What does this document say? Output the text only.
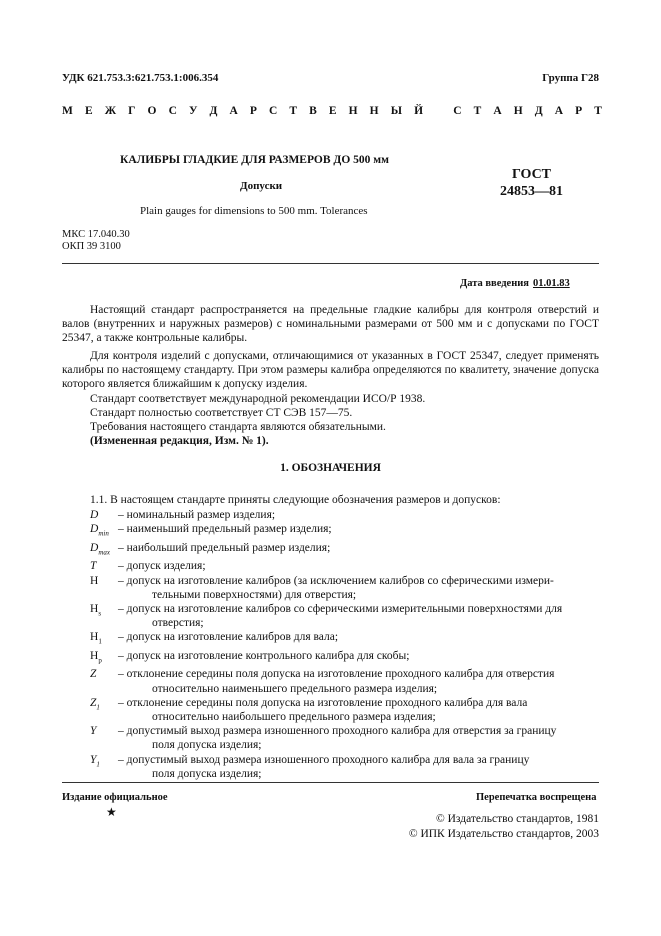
УДК 621.753.3:621.753.1:006.354	Группа Г28
М Е Ж Г О С У Д А Р С Т В Е Н Н Ы Й	С Т А Н Д А Р Т
КАЛИБРЫ ГЛАДКИЕ ДЛЯ РАЗМЕРОВ ДО 500 мм
Допуски
Plain gauges for dimensions to 500 mm. Tolerances
ГОСТ
24853—81
МКС 17.040.30
ОКП 39 3100
Дата введения 01.01.83

Настоящий стандарт распространяется на предельные гладкие калибры для контроля отверстий и валов (внутренних и наружных размеров) с номинальными размерами от 500 мм и с допусками по ГОСТ 25347, а также контрольные калибры.

Для контроля изделий с допусками, отличающимися от указанных в ГОСТ 25347, следует применять калибры по настоящему стандарту. При этом размеры калибра определяются по квалитету, значение допуска которого является ближайшим к допуску изделия.

Стандарт соответствует международной рекомендации ИСО/Р 1938.
Стандарт полностью соответствует СТ СЭВ 157—75.
Требования настоящего стандарта являются обязательными.
(Измененная редакция, Изм. № 1).
1. ОБОЗНАЧЕНИЯ
1.1. В настоящем стандарте приняты следующие обозначения размеров и допусков:
D	– номинальный размер изделия;
$D_{min}$ – наименьший предельный размер изделия;
$D_{max}$ – наибольший предельный размер изделия;
T	– допуск изделия;
H	– допуск на изготовление калибров (за исключением калибров со сферическими измери-
тельными поверхностями) для отверстия;
$H_s$	– допуск на изготовление калибров со сферическими измерительными поверхностями для
отверстия;
$H_1$	– допуск на изготовление калибров для вала;
$H_p$	– допуск на изготовление контрольного калибра для скобы;
Z	– отклонение середины поля допуска на изготовление проходного калибра для отверстия
относительно наименьшего предельного размера изделия;
$Z_1$	– отклонение середины поля допуска на изготовление проходного калибра для вала
относительно наибольшего предельного размера изделия;
Y	– допустимый выход размера изношенного проходного калибра для отверстия за границу
поля допуска изделия;
$Y_1$	– допустимый выход размера изношенного проходного калибра для вала за границу
поля допуска изделия;
Издание официальное
★
Перепечатка воспрещена
© Издательство стандартов, 1981
© ИПК Издательство стандартов, 2003
